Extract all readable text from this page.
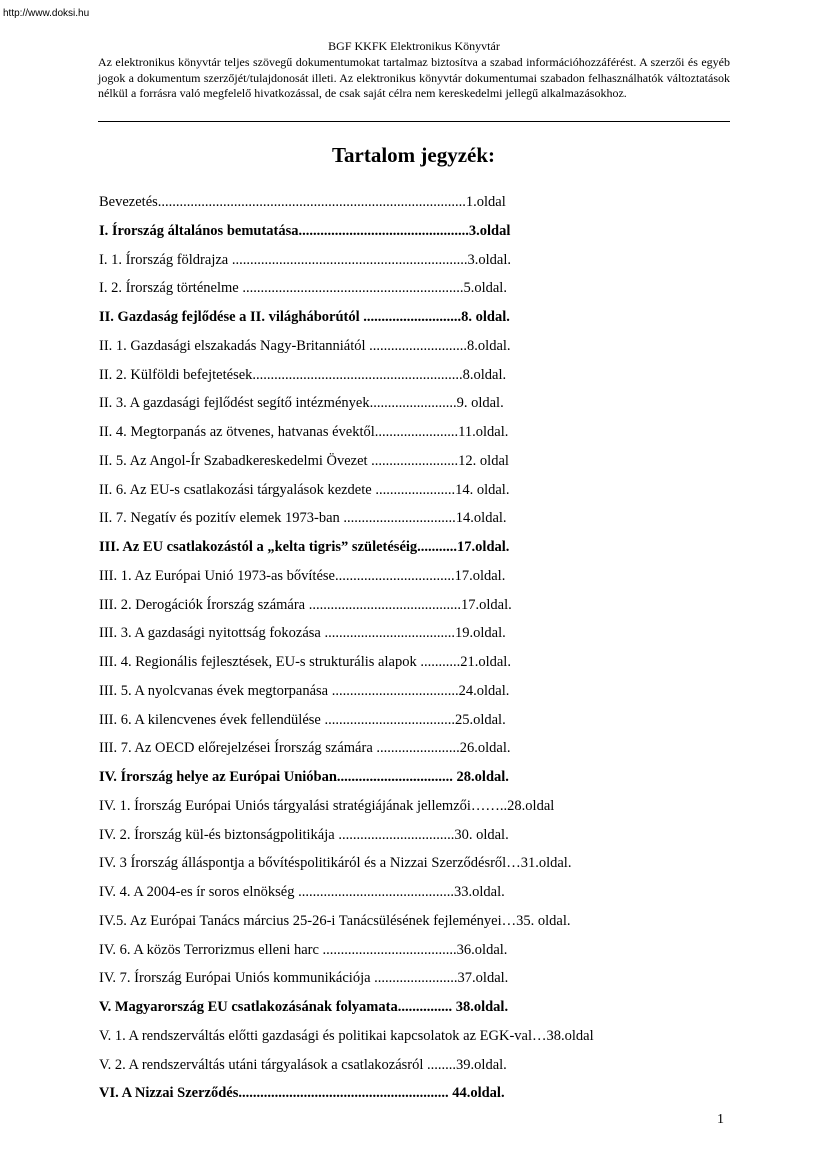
http://www.doksi.hu
BGF KKFK Elektronikus Könyvtár
Az elektronikus könyvtár teljes szövegű dokumentumokat tartalmaz biztosítva a szabad információhozzáférést. A szerzői és egyéb jogok a dokumentum szerzőjét/tulajdonosát illeti. Az elektronikus könyvtár dokumentumai szabadon felhasználhatók változtatások nélkül a forrásra való megfelelő hivatkozással, de csak saját célra nem kereskedelmi jellegű alkalmazásokhoz.
Tartalom jegyzék:
Bevezetés.....................................................................................1.oldal
I. Írország általános bemutatása...............................................3.oldal
I. 1. Írország földrajza .................................................................3.oldal.
I. 2. Írország történelme .............................................................5.oldal.
II. Gazdaság fejlődése a II. világháborútól ...........................8. oldal.
II. 1. Gazdasági elszakadás Nagy-Britanniától ...........................8.oldal.
II. 2. Külföldi befejtetések..........................................................8.oldal.
II. 3. A gazdasági fejlődést segítő intézmények........................9. oldal.
II. 4. Megtorpanás az ötvenes, hatvanas évektől.......................11.oldal.
II. 5. Az Angol-Ír Szabadkereskedelmi Övezet ........................12. oldal
II. 6. Az EU-s csatlakozási tárgyalások kezdete ......................14. oldal.
II. 7. Negatív és pozitív elemek 1973-ban ...............................14.oldal.
III. Az EU csatlakozástól a „kelta tigris” születéséig...........17.oldal.
III. 1. Az Európai Unió 1973-as bővítése.................................17.oldal.
III. 2. Derogációk Írország számára ..........................................17.oldal.
III. 3. A gazdasági nyitottság fokozása ....................................19.oldal.
III. 4. Regionális fejlesztések, EU-s strukturális alapok ...........21.oldal.
III. 5. A nyolcvanas évek megtorpanása ...................................24.oldal.
III. 6. A kilencvenes évek fellendülése ....................................25.oldal.
III. 7. Az OECD előrejelzései Írország számára .......................26.oldal.
IV. Írország helye az Európai Unióban................................ 28.oldal.
IV. 1. Írország Európai Uniós tárgyalási stratégiájának jellemzői……..28.oldal
IV. 2. Írország kül-és biztonságpolitikája ................................30. oldal.
IV. 3 Írország álláspontja a bővítéspolitikáról és a Nizzai Szerződésről…31.oldal.
IV. 4. A 2004-es ír soros elnökség ...........................................33.oldal.
IV.5. Az Európai Tanács március 25-26-i Tanácsülésének fejleményei…35. oldal.
IV. 6. A közös Terrorizmus elleni harc .....................................36.oldal.
IV. 7. Írország Európai Uniós kommunikációja .......................37.oldal.
V. Magyarország EU csatlakozásának folyamata............... 38.oldal.
V. 1. A rendszerváltás előtti gazdasági és politikai kapcsolatok az EGK-val…38.oldal
V. 2. A rendszerváltás utáni tárgyalások a csatlakozásról ........39.oldal.
VI. A Nizzai Szerződés.......................................................... 44.oldal.
1
